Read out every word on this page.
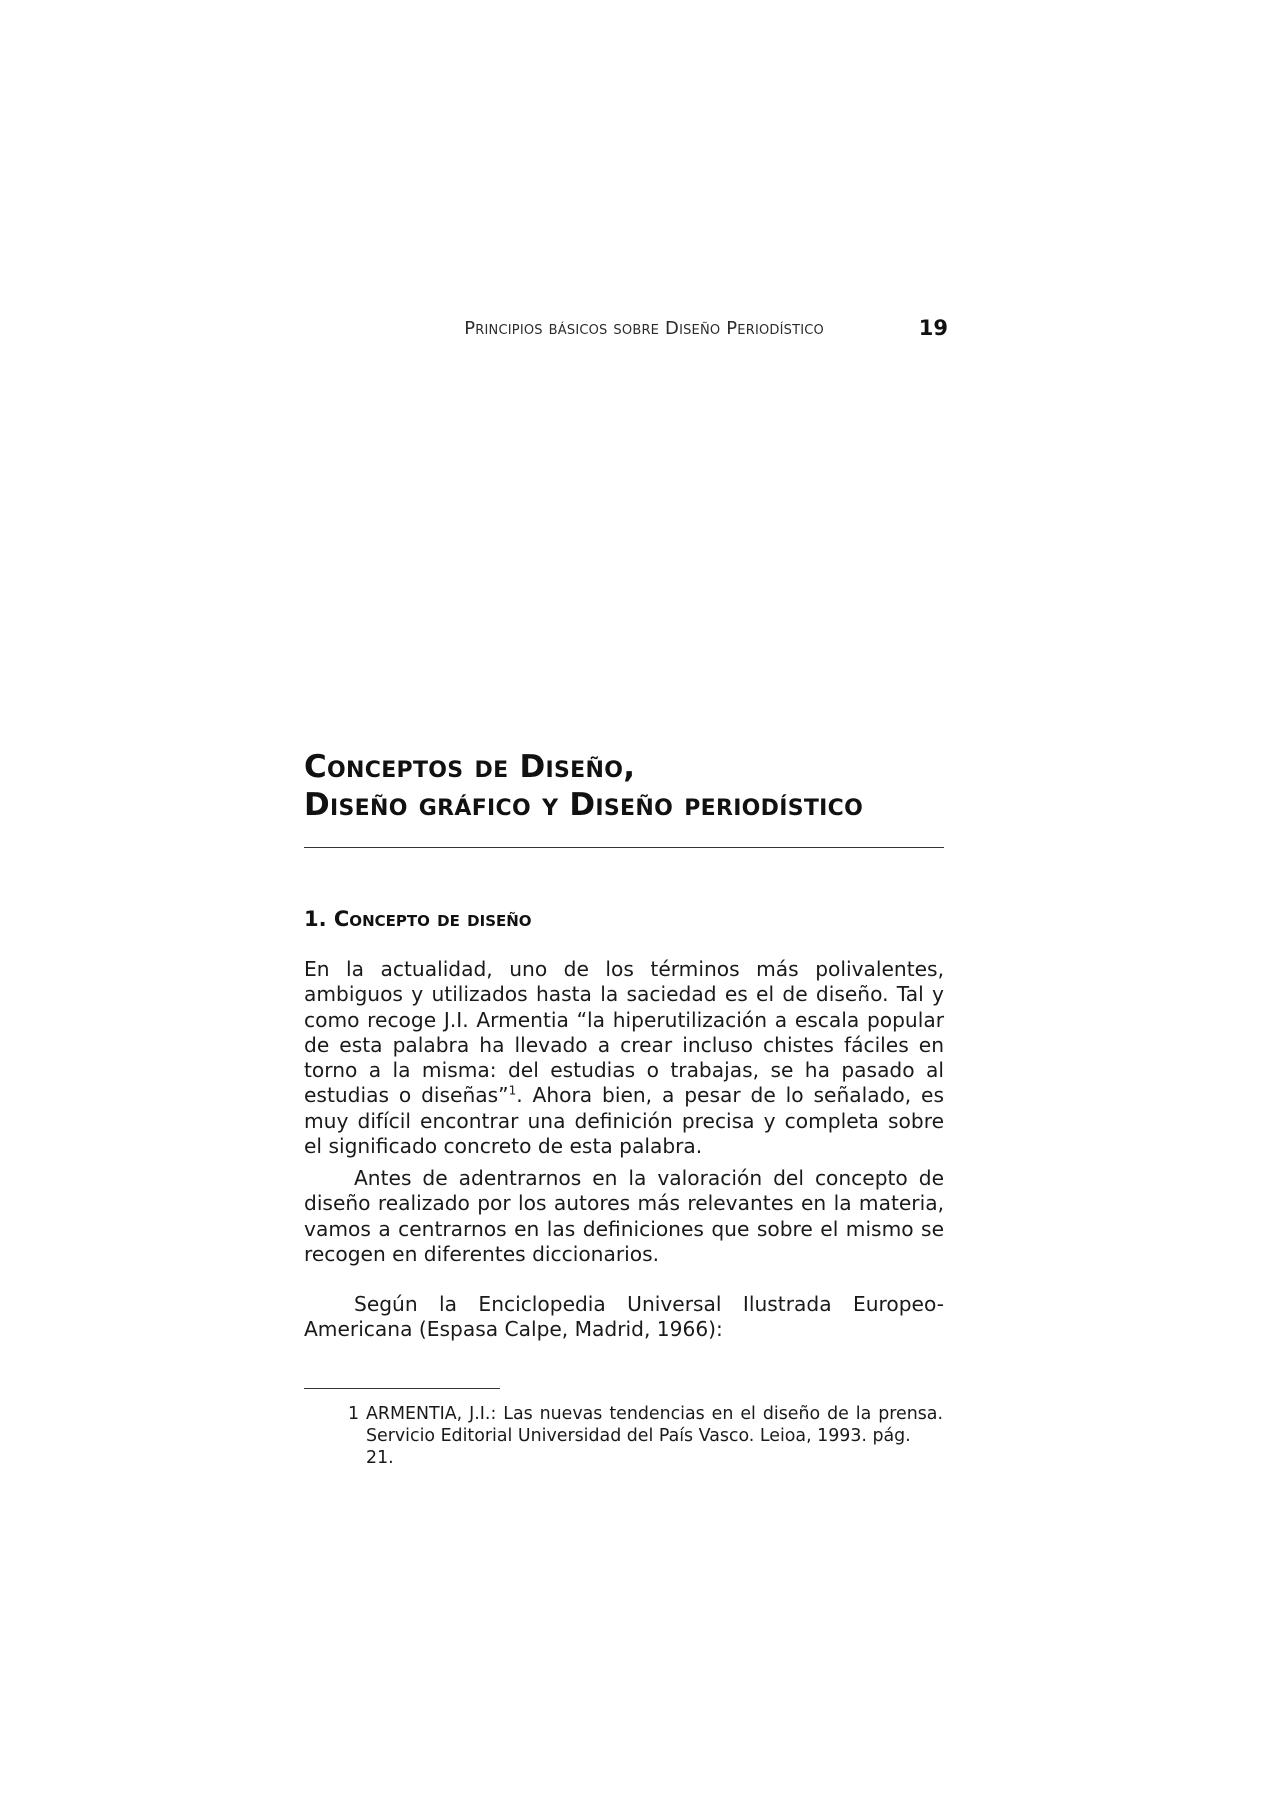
Principios básicos sobre Diseño Periodístico	19
Conceptos de Diseño,
Diseño gráfico y Diseño periodístico
1. Concepto de diseño

En la actualidad, uno de los términos más polivalentes, ambiguos y utilizados hasta la saciedad es el de diseño. Tal y como recoge J.I. Armentia “la hiperutilización a escala popular de esta palabra ha llevado a crear incluso chistes fáciles en torno a la misma: del estudias o trabajas, se ha pasado al estudias o diseñas”$^1$. Ahora bien, a pesar de lo señalado, es muy difícil encontrar una definición precisa y completa sobre el significado concreto de esta palabra.

Antes de adentrarnos en la valoración del concepto de diseño realizado por los autores más relevantes en la materia, vamos a centrarnos en las definiciones que sobre el mismo se recogen en diferentes diccionarios.

Según la Enciclopedia Universal Ilustrada Europeo-Americana (Espasa Calpe, Madrid, 1966):

1 ARMENTIA, J.I.: Las nuevas tendencias en el diseño de la prensa.
Servicio Editorial Universidad del País Vasco. Leioa, 1993. pág. 21.
